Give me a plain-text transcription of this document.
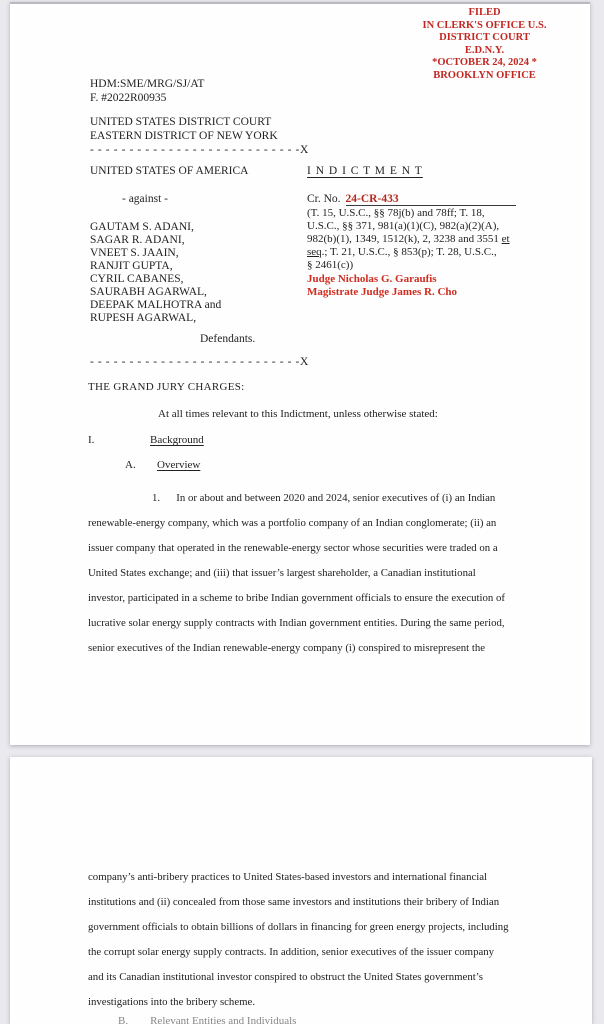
FILED
IN CLERK'S OFFICE U.S.
DISTRICT COURT
E.D.N.Y.
*OCTOBER 24, 2024 *
BROOKLYN OFFICE
HDM:SME/MRG/SJ/AT
F. #2022R00935
UNITED STATES DISTRICT COURT
EASTERN DISTRICT OF NEW YORK
- - - - - - - - - - - - - - - - - - - - - - - - - - -X
UNITED STATES OF AMERICA
- against -
GAUTAM S. ADANI,
SAGAR R. ADANI,
VNEET S. JAAIN,
RANJIT GUPTA,
CYRIL CABANES,
SAURABH AGARWAL,
DEEPAK MALHOTRA and
RUPESH AGARWAL,
Defendants.
- - - - - - - - - - - - - - - - - - - - - - - - - - -X
I N D I C T M E N T
Cr. No. 24-CR-433
(T. 15, U.S.C., §§ 78j(b) and 78ff; T. 18,
U.S.C., §§ 371, 981(a)(1)(C), 982(a)(2)(A),
982(b)(1), 1349, 1512(k), 2, 3238 and 3551 et
seq.; T. 21, U.S.C., § 853(p); T. 28, U.S.C.,
§ 2461(c))
Judge Nicholas G. Garaufis
Magistrate Judge James R. Cho
THE GRAND JURY CHARGES:
At all times relevant to this Indictment, unless otherwise stated:
I.	Background
A. Overview
1.      In or about and between 2020 and 2024, senior executives of (i) an Indian
renewable-energy company, which was a portfolio company of an Indian conglomerate; (ii) an
issuer company that operated in the renewable-energy sector whose securities were traded on a
United States exchange; and (iii) that issuer’s largest shareholder, a Canadian institutional
investor, participated in a scheme to bribe Indian government officials to ensure the execution of
lucrative solar energy supply contracts with Indian government entities. During the same period,
senior executives of the Indian renewable-energy company (i) conspired to misrepresent the
company’s anti-bribery practices to United States-based investors and international financial
institutions and (ii) concealed from those same investors and institutions their bribery of Indian
government officials to obtain billions of dollars in financing for green energy projects, including
the corrupt solar energy supply contracts. In addition, senior executives of the issuer company
and its Canadian institutional investor conspired to obstruct the United States government’s
investigations into the bribery scheme.
B. Relevant Entities and Individuals
